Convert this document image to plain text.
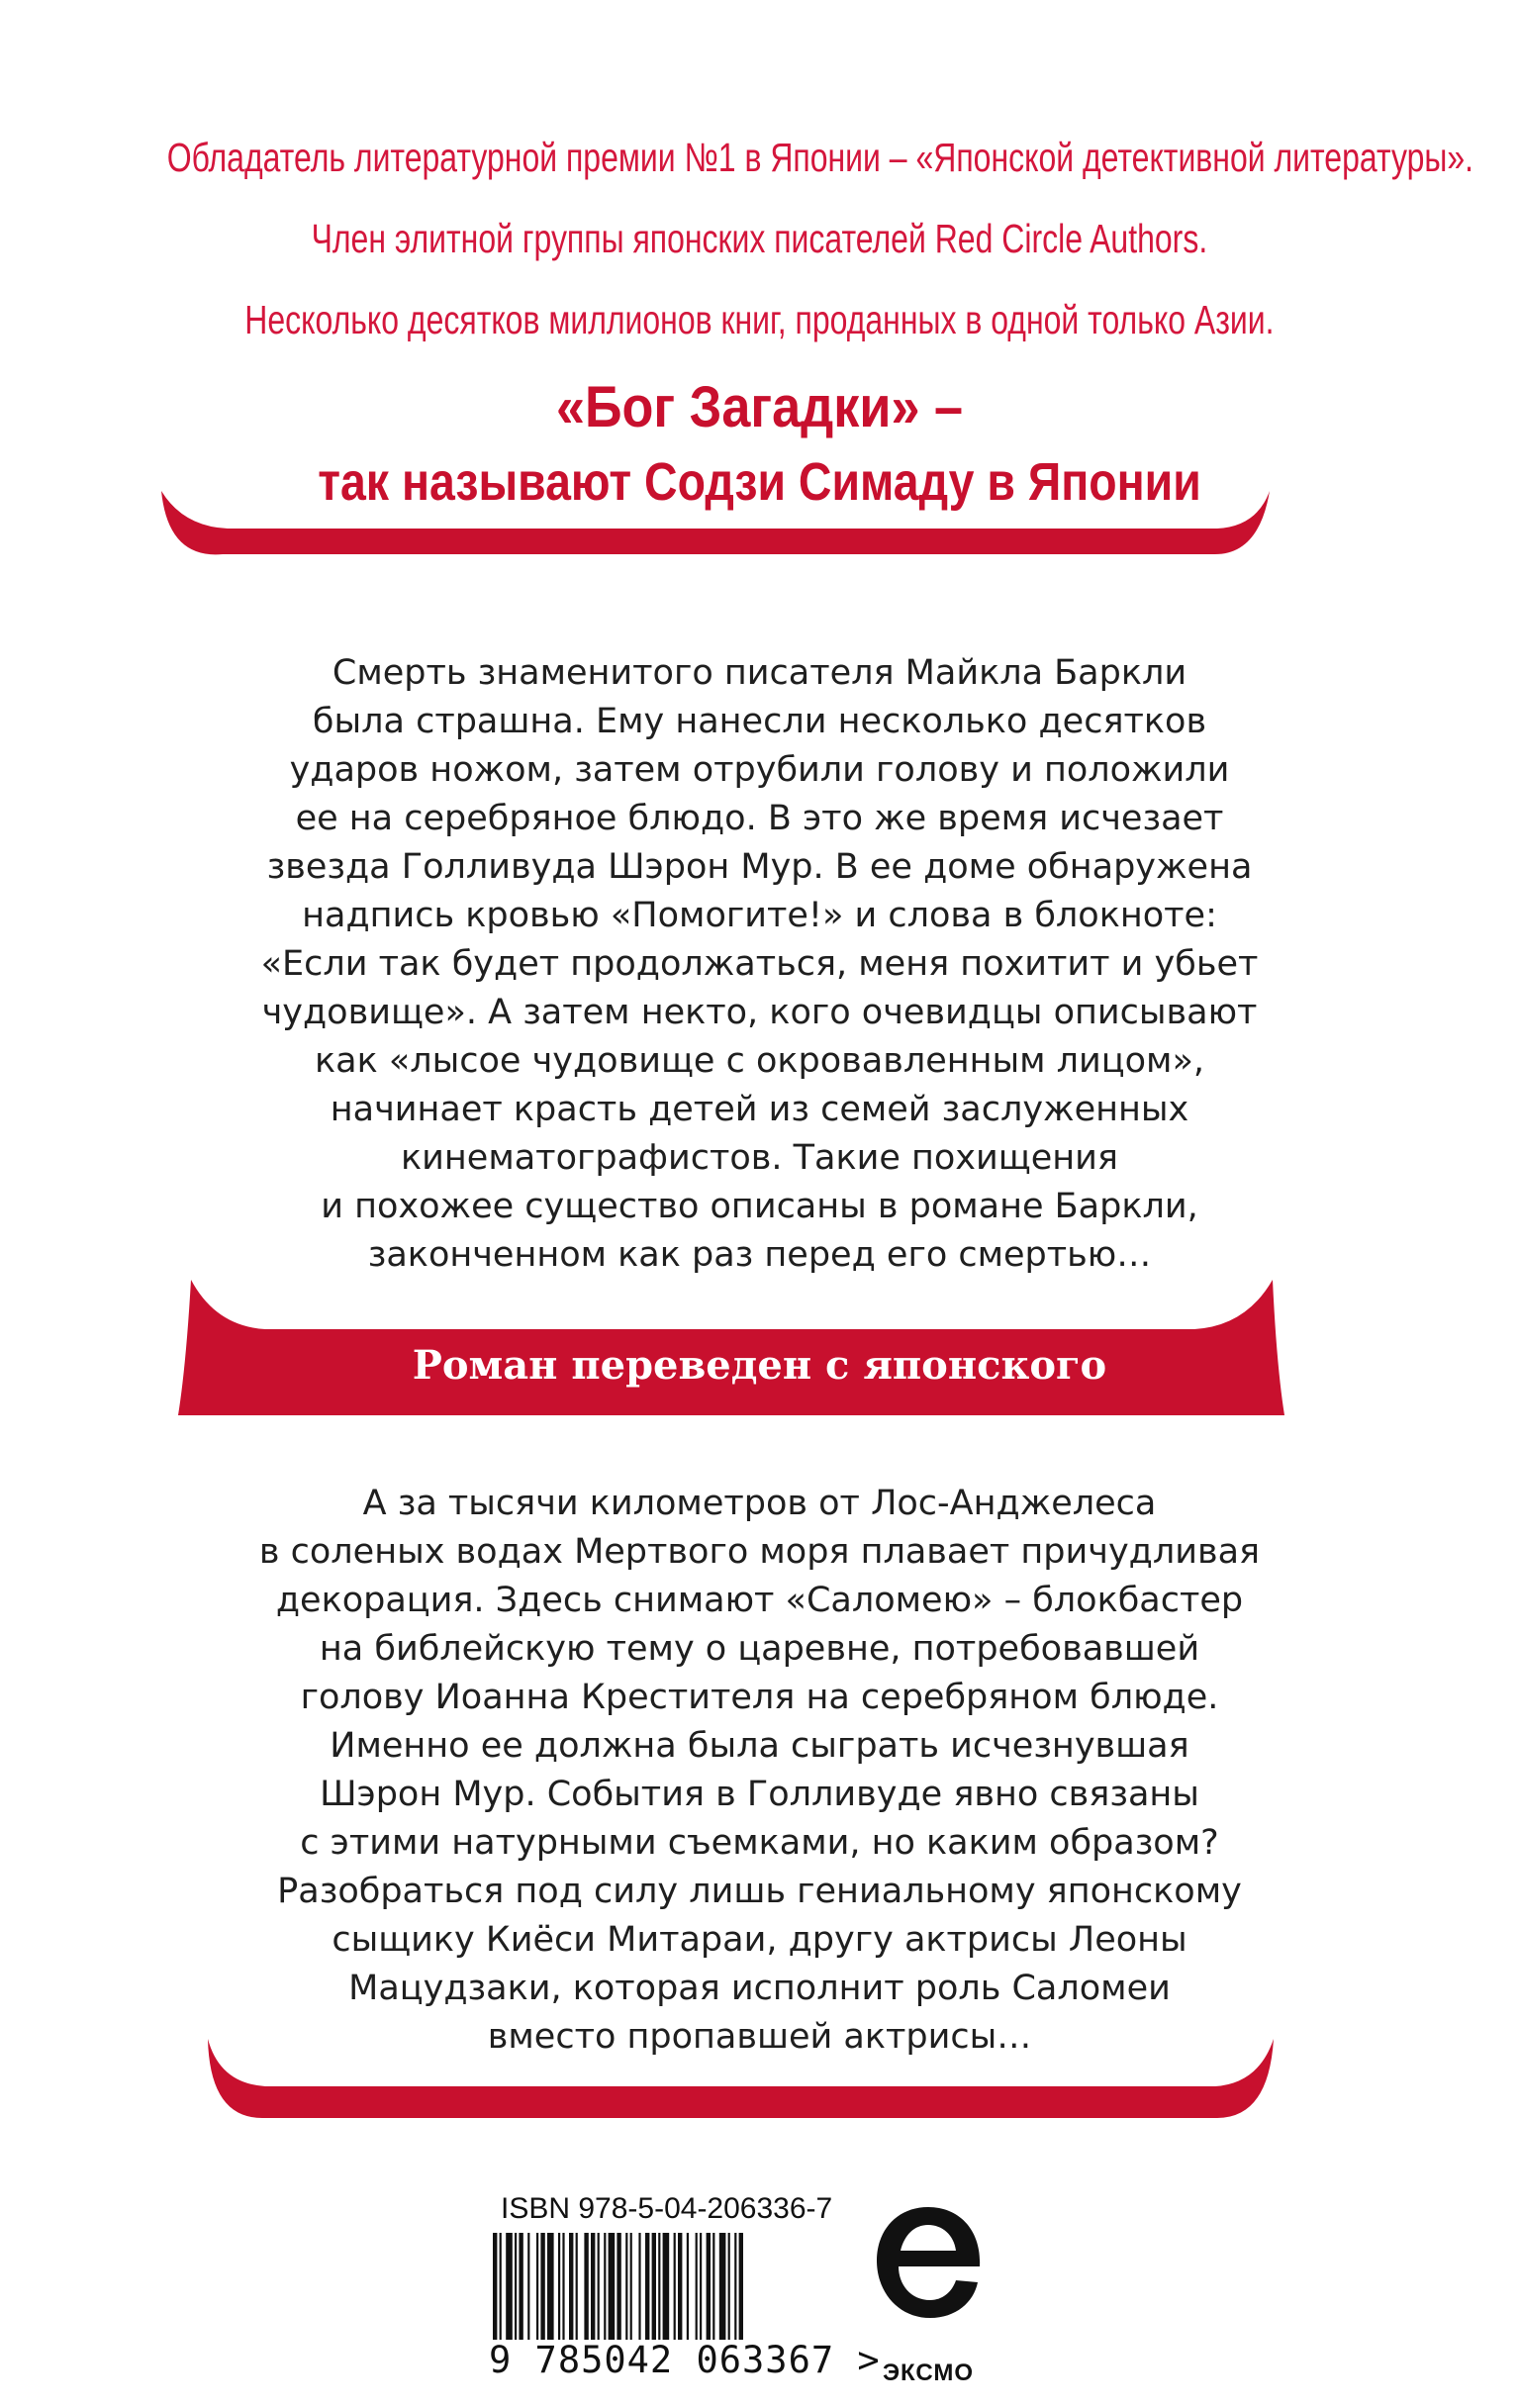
Обладатель литературной премии №1 в Японии – «Японской детективной литературы».
Член элитной группы японских писателей Red Circle Authors.
Несколько десятков миллионов книг, проданных в одной только Азии.
«Бог Загадки» –
так называют Содзи Симаду в Японии
Смерть знаменитого писателя Майкла Баркли
была страшна. Ему нанесли несколько десятков
ударов ножом, затем отрубили голову и положили
ее на серебряное блюдо. В это же время исчезает
звезда Голливуда Шэрон Мур. В ее доме обнаружена
надпись кровью «Помогите!» и слова в блокноте:
«Если так будет продолжаться, меня похитит и убьет
чудовище». А затем некто, кого очевидцы описывают
как «лысое чудовище с окровавленным лицом»,
начинает красть детей из семей заслуженных
кинематографистов. Такие похищения
и похожее существо описаны в романе Баркли,
законченном как раз перед его смертью…
Роман переведен с японского
А за тысячи километров от Лос-Анджелеса
в соленых водах Мертвого моря плавает причудливая
декорация. Здесь снимают «Саломею» – блокбастер
на библейскую тему о царевне, потребовавшей
голову Иоанна Крестителя на серебряном блюде.
Именно ее должна была сыграть исчезнувшая
Шэрон Мур. События в Голливуде явно связаны
с этими натурными съемками, но каким образом?
Разобраться под силу лишь гениальному японскому
сыщику Киёси Митараи, другу актрисы Леоны
Мацудзаки, которая исполнит роль Саломеи
вместо пропавшей актрисы…
ISBN 978-5-04-206336-7
9 785042 063367 > ЭКСМО
